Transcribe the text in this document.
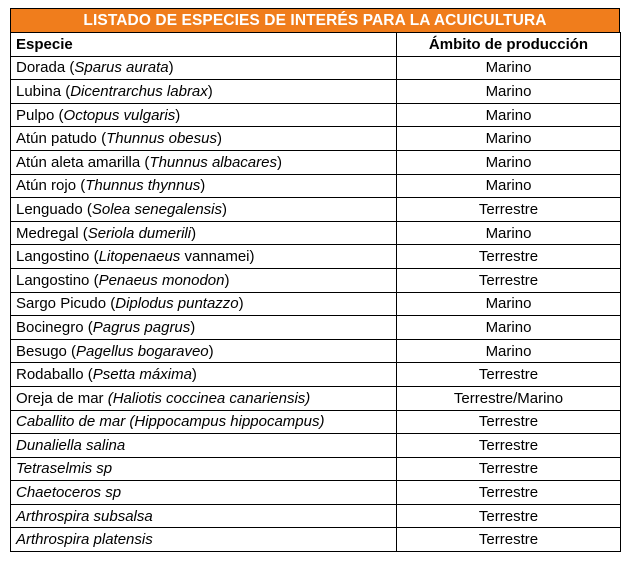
LISTADO DE ESPECIES DE INTERÉS PARA LA ACUICULTURA
Especie	Ámbito de producción
Dorada (Sparus aurata)	Marino
Lubina (Dicentrarchus labrax)	Marino
Pulpo (Octopus vulgaris)	Marino
Atún patudo (Thunnus obesus)	Marino
Atún aleta amarilla (Thunnus albacares)	Marino
Atún rojo (Thunnus thynnus)	Marino
Lenguado (Solea senegalensis)	Terrestre
Medregal (Seriola dumerili)	Marino
Langostino (Litopenaeus vannamei)	Terrestre
Langostino (Penaeus monodon)	Terrestre
Sargo Picudo (Diplodus puntazzo)	Marino
Bocinegro (Pagrus pagrus)	Marino
Besugo (Pagellus bogaraveo)	Marino
Rodaballo (Psetta máxima)	Terrestre
Oreja de mar (Haliotis coccinea canariensis)	Terrestre/Marino
Caballito de mar (Hippocampus hippocampus)	Terrestre
Dunaliella salina	Terrestre
Tetraselmis sp	Terrestre
Chaetoceros sp	Terrestre
Arthrospira subsalsa	Terrestre
Arthrospira platensis	Terrestre
